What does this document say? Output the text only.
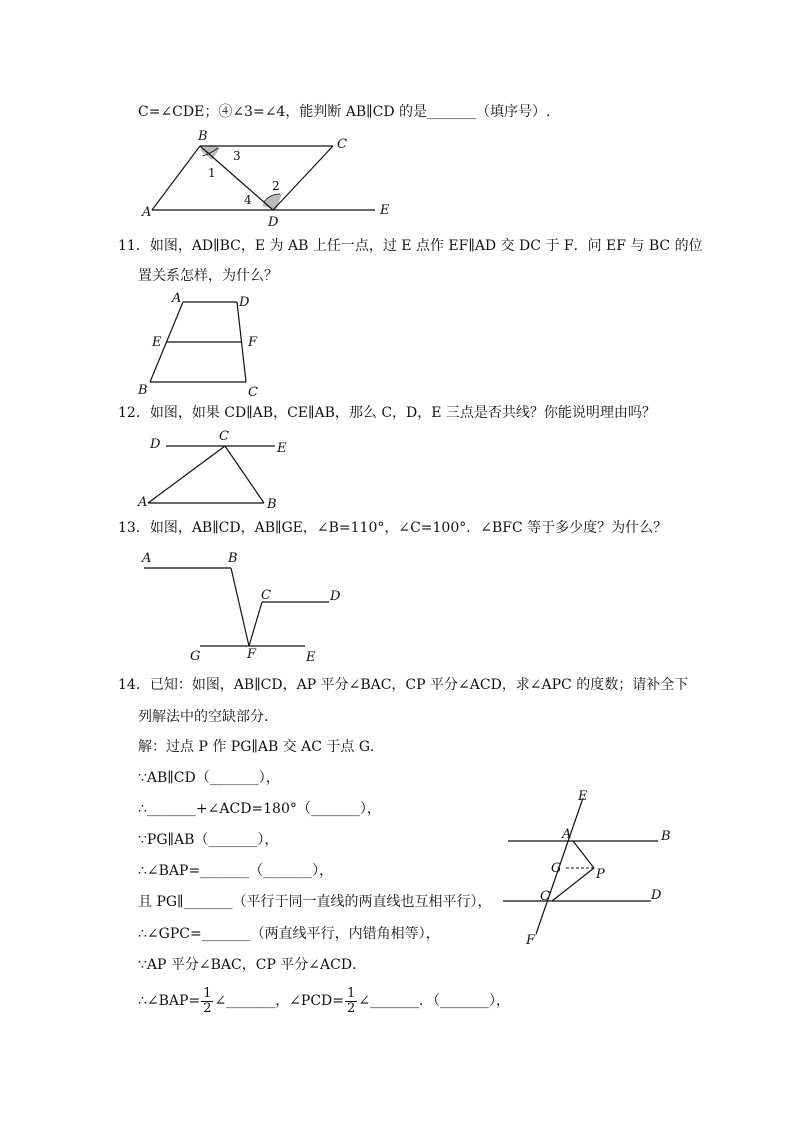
C=∠CDE；④∠3=∠4，能判断 AB∥CD 的是_______（填序号）.
B
C
A
D
E
1
2
3
4
11．如图，AD∥BC，E 为 AB 上任一点，过 E 点作 EF∥AD 交 DC 于 F．问 EF 与 BC 的位
置关系怎样，为什么？
A	D
E	F
B	C
12．如图，如果 CD∥AB，CE∥AB，那么 C，D，E 三点是否共线？你能说明理由吗？
D
C
E
A	B
13．如图，AB∥CD，AB∥GE，∠B=110°，∠C=100°．∠BFC 等于多少度？为什么？
A	B
C	D
G	F	E
14．已知：如图，AB∥CD，AP 平分∠BAC，CP 平分∠ACD，求∠APC 的度数；请补全下
列解法中的空缺部分．
解：过点 P 作 PG∥AB 交 AC 于点 G．
∵AB∥CD（_______），
∴_______+∠ACD=180°（_______），
∵PG∥AB（_______），
∴∠BAP=_______（_______），
且 PG∥_______（平行于同一直线的两直线也互相平行），
∴∠GPC=_______（两直线平行，内错角相等），
∵AP 平分∠BAC，CP 平分∠ACD．
∴∠BAP= $\frac{1}{2}$ ∠_______，∠PCD= $\frac{1}{2}$ ∠_______．（_______），
E
A	B
G	P
C	D
F
